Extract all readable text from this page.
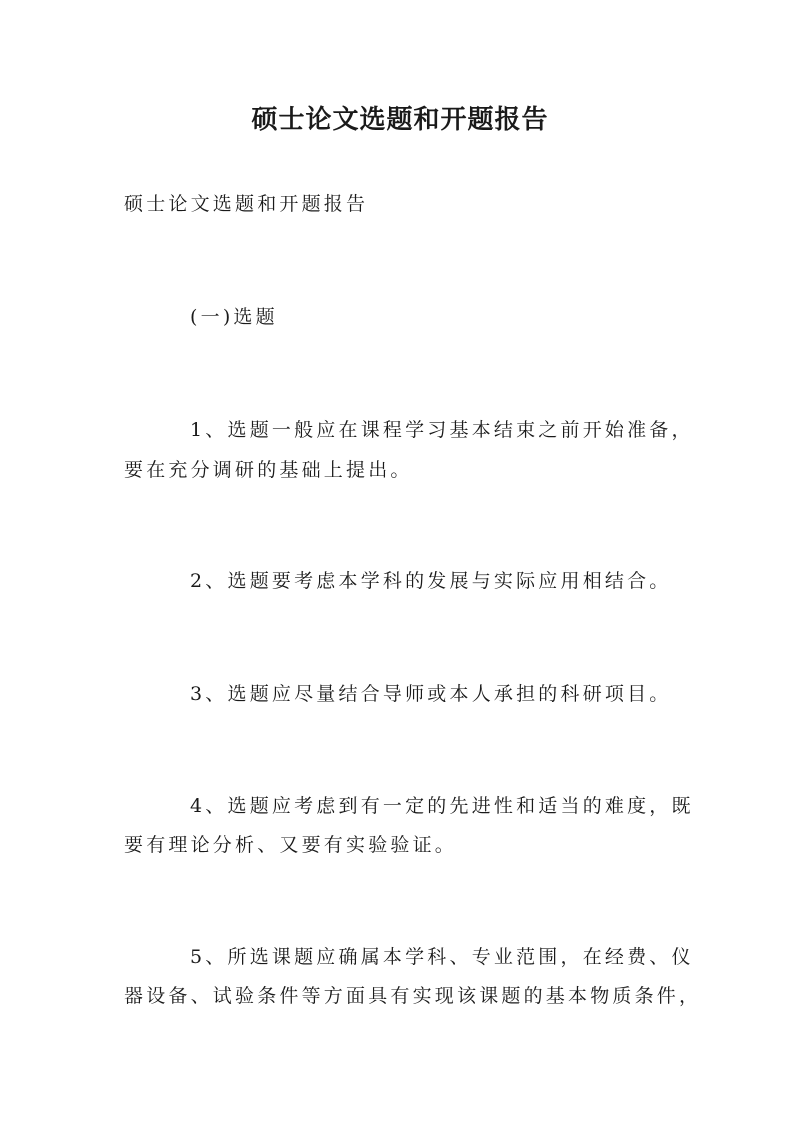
硕士论文选题和开题报告
硕士论文选题和开题报告
(一)选题
1、选题一般应在课程学习基本结束之前开始准备，
要在充分调研的基础上提出。
2、选题要考虑本学科的发展与实际应用相结合。
3、选题应尽量结合导师或本人承担的科研项目。
4、选题应考虑到有一定的先进性和适当的难度，既
要有理论分析、又要有实验验证。
5、所选课题应确属本学科、专业范围，在经费、仪
器设备、试验条件等方面具有实现该课题的基本物质条件，
